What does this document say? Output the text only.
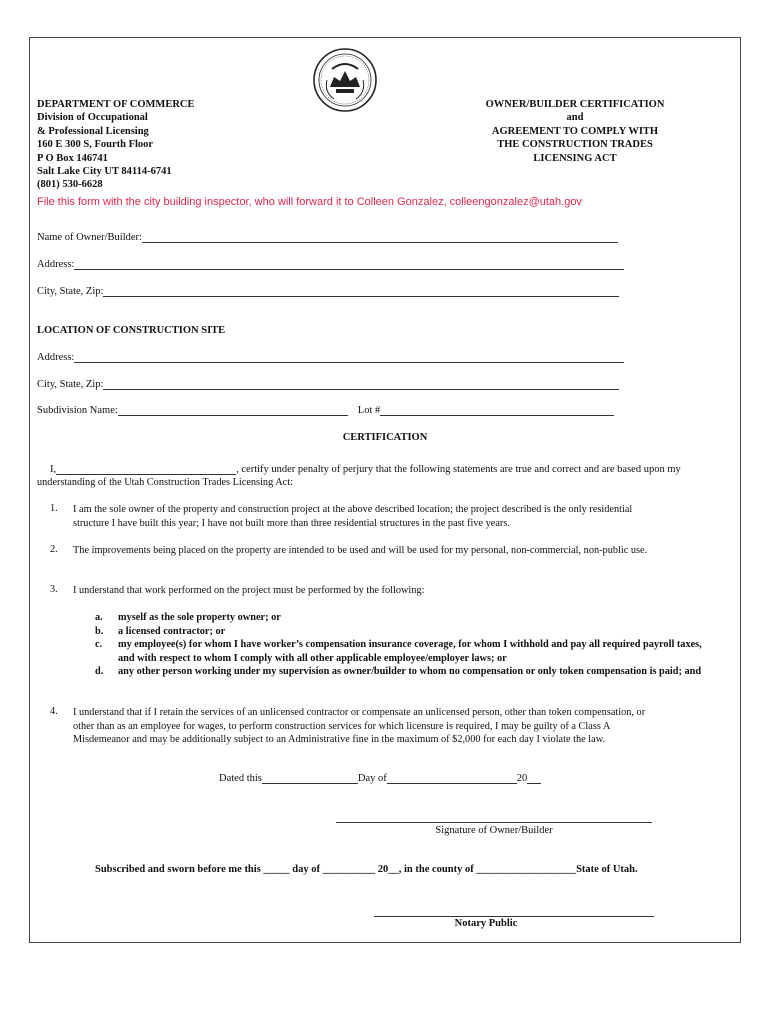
DEPARTMENT OF COMMERCE
Division of Occupational
& Professional Licensing
160 E 300 S, Fourth Floor
P O Box 146741
Salt Lake City UT 84114-6741
(801) 530-6628
OWNER/BUILDER CERTIFICATION
and
AGREEMENT TO COMPLY WITH
THE CONSTRUCTION TRADES
LICENSING ACT
File this form with the city building inspector, who will forward it to Colleen Gonzalez, colleengonzalez@utah.gov
Name of Owner/Builder:
Address:
City, State, Zip:
LOCATION OF CONSTRUCTION SITE
Address:
City, State, Zip:
Subdivision Name:	Lot #
CERTIFICATION
I,	, certify under penalty of perjury that the following statements are true and correct and are based upon my
understanding of the Utah Construction Trades Licensing Act:
1. I am the sole owner of the property and construction project at the above described location; the project described is the only residential structure I have built this year; I have not built more than three residential structures in the past five years.
2. The improvements being placed on the property are intended to be used and will be used for my personal, non-commercial, non-public use.
3. I understand that work performed on the project must be performed by the following:
a.	myself as the sole property owner; or
b.	a licensed contractor; or
c.	my employee(s) for whom I have worker’s compensation insurance coverage, for whom I withhold and pay all required payroll taxes, and with respect to whom I comply with all other applicable employee/employer laws; or
d.	any other person working under my supervision as owner/builder to whom no compensation or only token compensation is paid; and
4. I understand that if I retain the services of an unlicensed contractor or compensate an unlicensed person, other than token compensation, or other than as an employee for wages, to perform construction services for which licensure is required, I may be guilty of a Class A Misdemeanor and may be additionally subject to an Administrative fine in the maximum of $2,000 for each day I violate the law.
Dated this	Day of	20
Signature of Owner/Builder
Subscribed and sworn before me this _____ day of __________ 20__, in the county of ___________________State of Utah.
Notary Public
